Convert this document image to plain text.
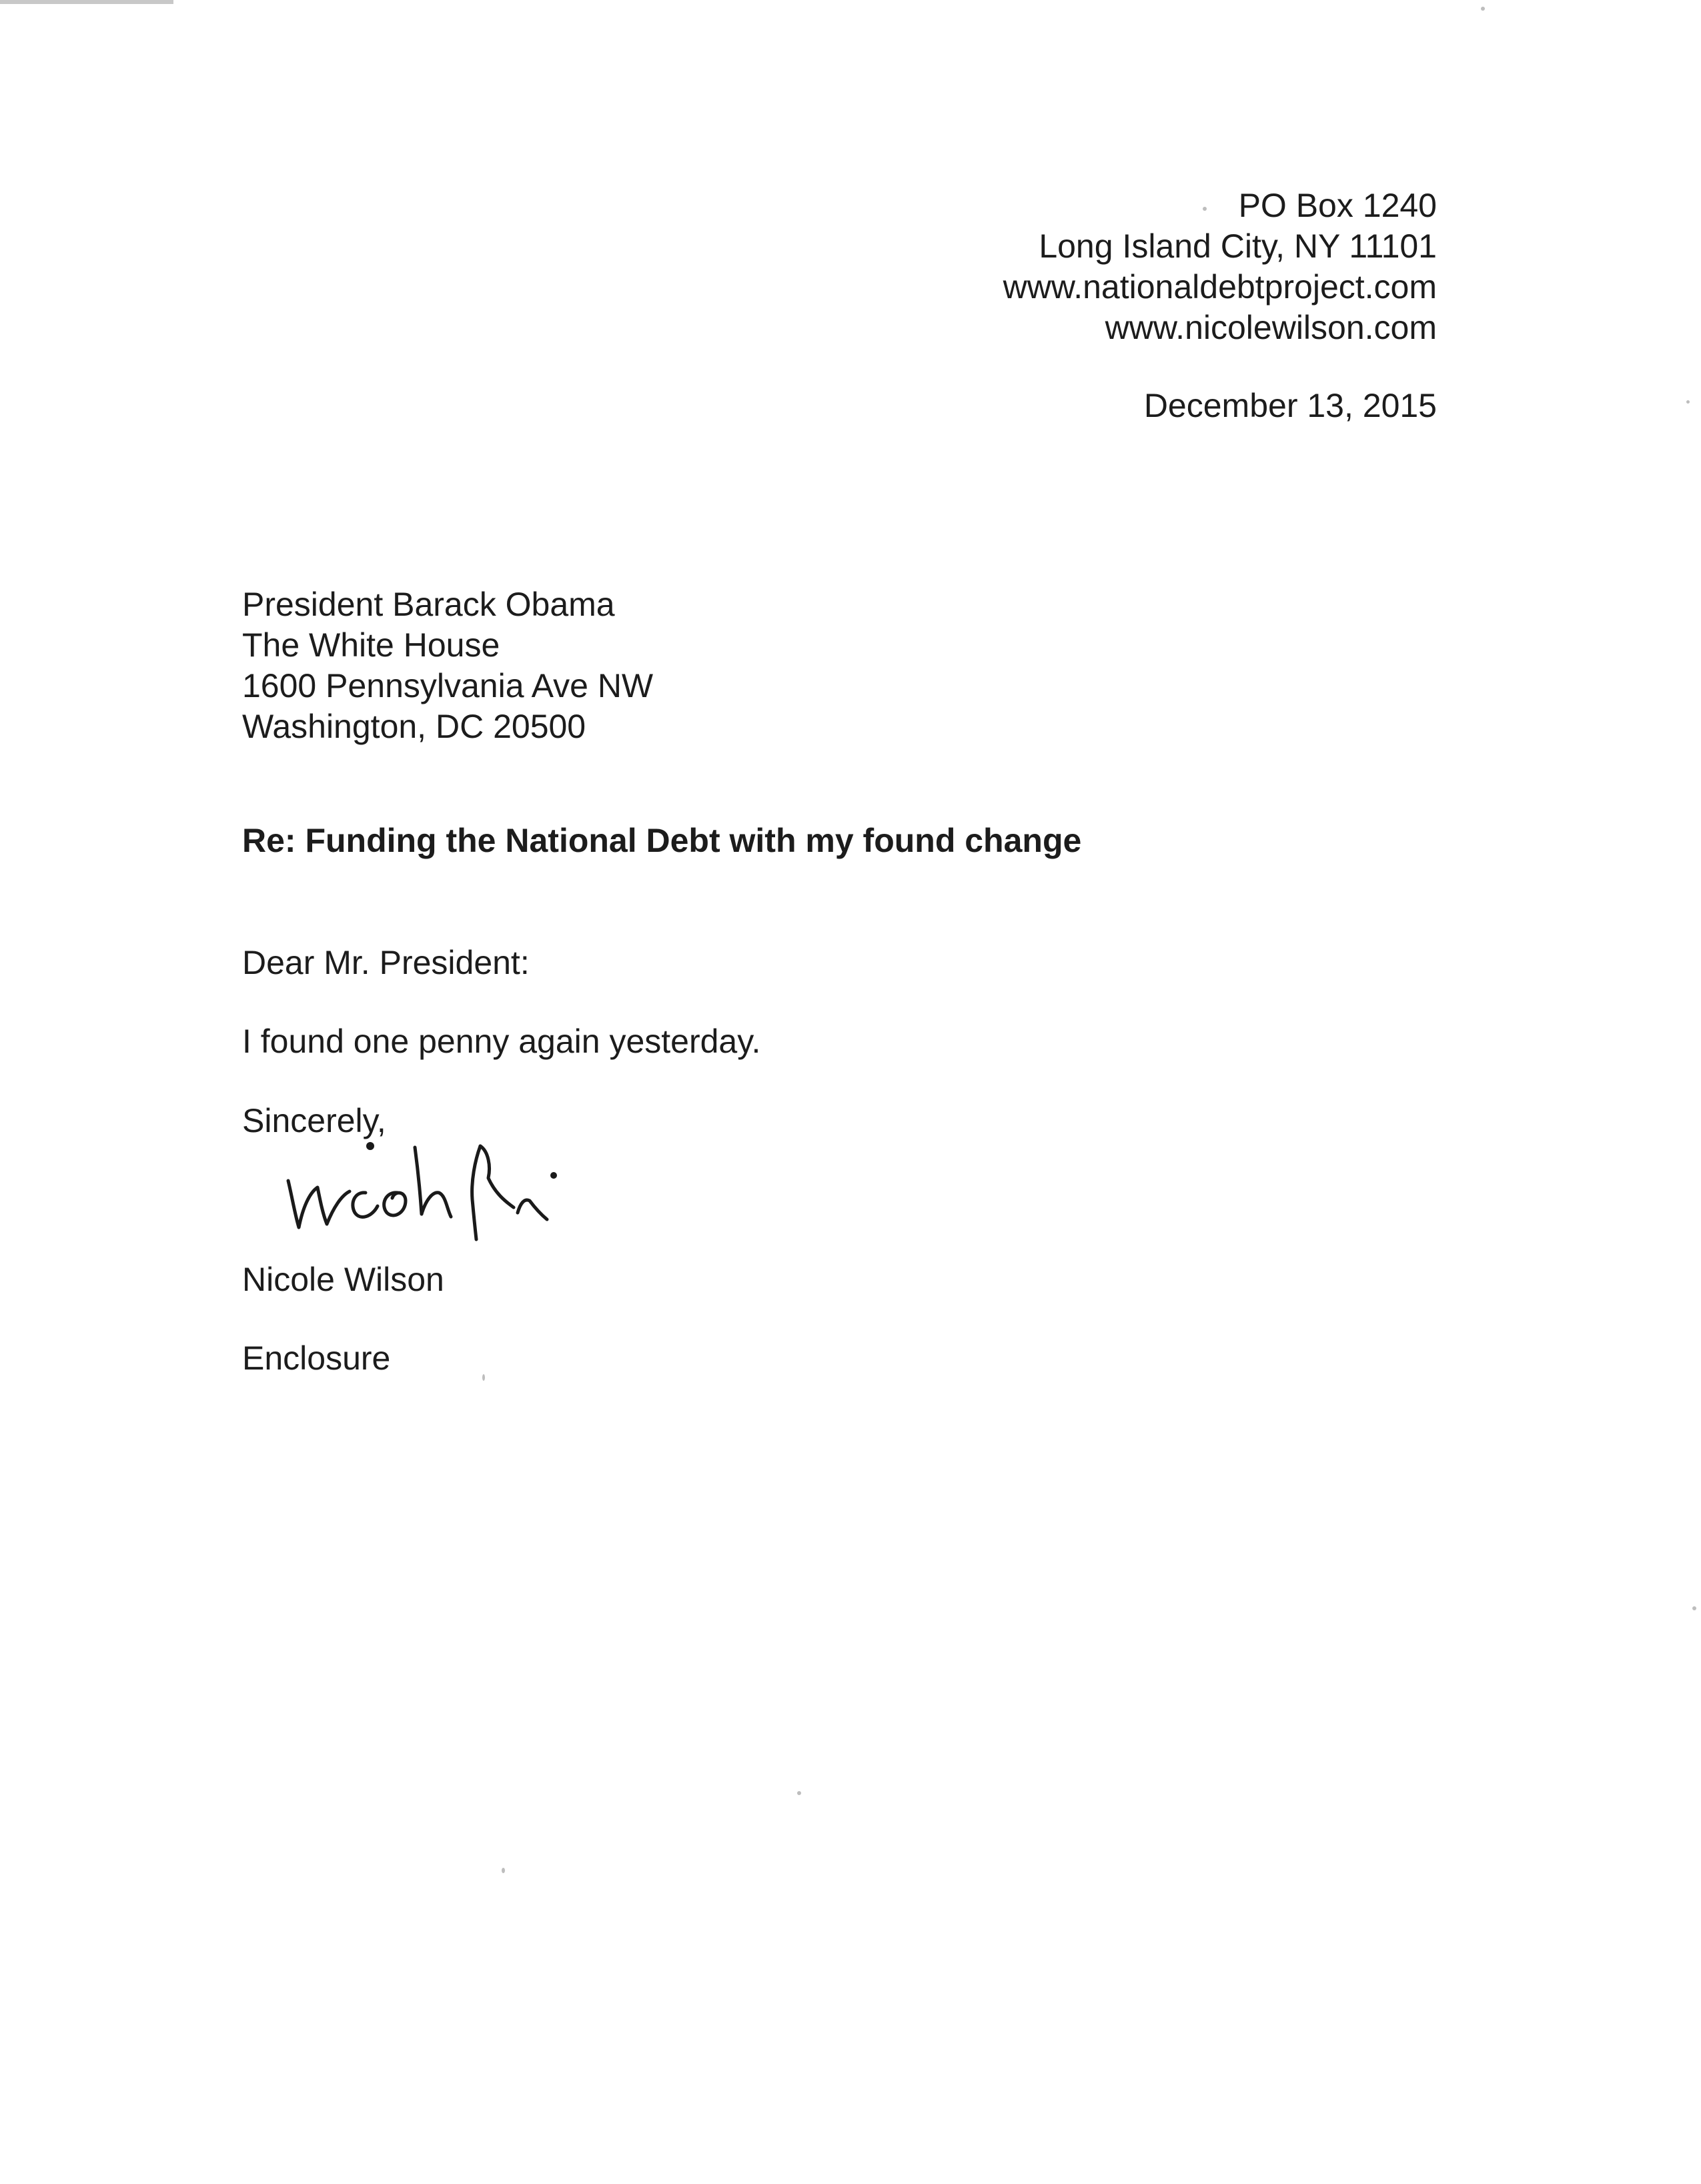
PO Box 1240
Long Island City, NY 11101
www.nationaldebtproject.com
www.nicolewilson.com
December 13, 2015
President Barack Obama
The White House
1600 Pennsylvania Ave NW
Washington, DC 20500
Re: Funding the National Debt with my found change
Dear Mr. President:
I found one penny again yesterday.
Sincerely,
Nicole Wilson
Enclosure
